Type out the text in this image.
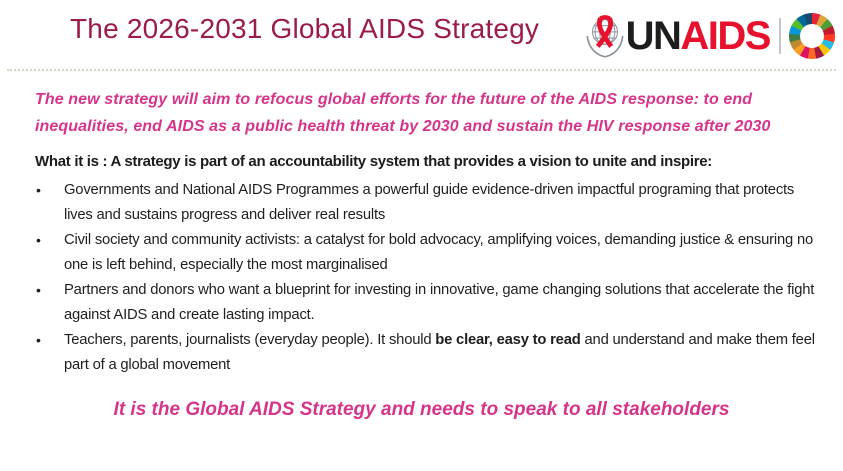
The 2026-2031 Global AIDS Strategy UN AIDS

The new strategy will aim to refocus global efforts for the future of the AIDS response: to end inequalities, end AIDS as a public health threat by 2030 and sustain the HIV response after 2030

What it is : A strategy is part of an accountability system that provides a vision to unite and inspire:

•	Governments and National AIDS Programmes a powerful guide evidence-driven impactful programing that protects lives and sustains progress and deliver real results
•	Civil society and community activists: a catalyst for bold advocacy, amplifying voices, demanding justice & ensuring no one is left behind, especially the most marginalised
•	Partners and donors who want a blueprint for investing in innovative, game changing solutions that accelerate the fight against AIDS and create lasting impact.
•	Teachers, parents, journalists (everyday people). It should be clear, easy to read and understand and make them feel part of a global movement

It is the Global AIDS Strategy and needs to speak to all stakeholders
